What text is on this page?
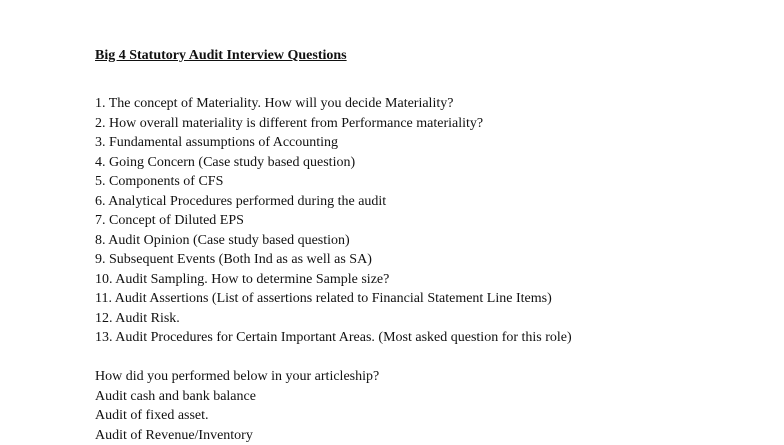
Big 4 Statutory Audit Interview Questions
1. The concept of Materiality. How will you decide Materiality?
2. How overall materiality is different from Performance materiality?
3. Fundamental assumptions of Accounting
4. Going Concern (Case study based question)
5. Components of CFS
6. Analytical Procedures performed during the audit
7. Concept of Diluted EPS
8. Audit Opinion (Case study based question)
9. Subsequent Events (Both Ind as as well as SA)
10. Audit Sampling. How to determine Sample size?
11. Audit Assertions (List of assertions related to Financial Statement Line Items)
12. Audit Risk.
13. Audit Procedures for Certain Important Areas. (Most asked question for this role)
How did you performed below in your articleship?
Audit cash and bank balance
Audit of fixed asset.
Audit of Revenue/Inventory
